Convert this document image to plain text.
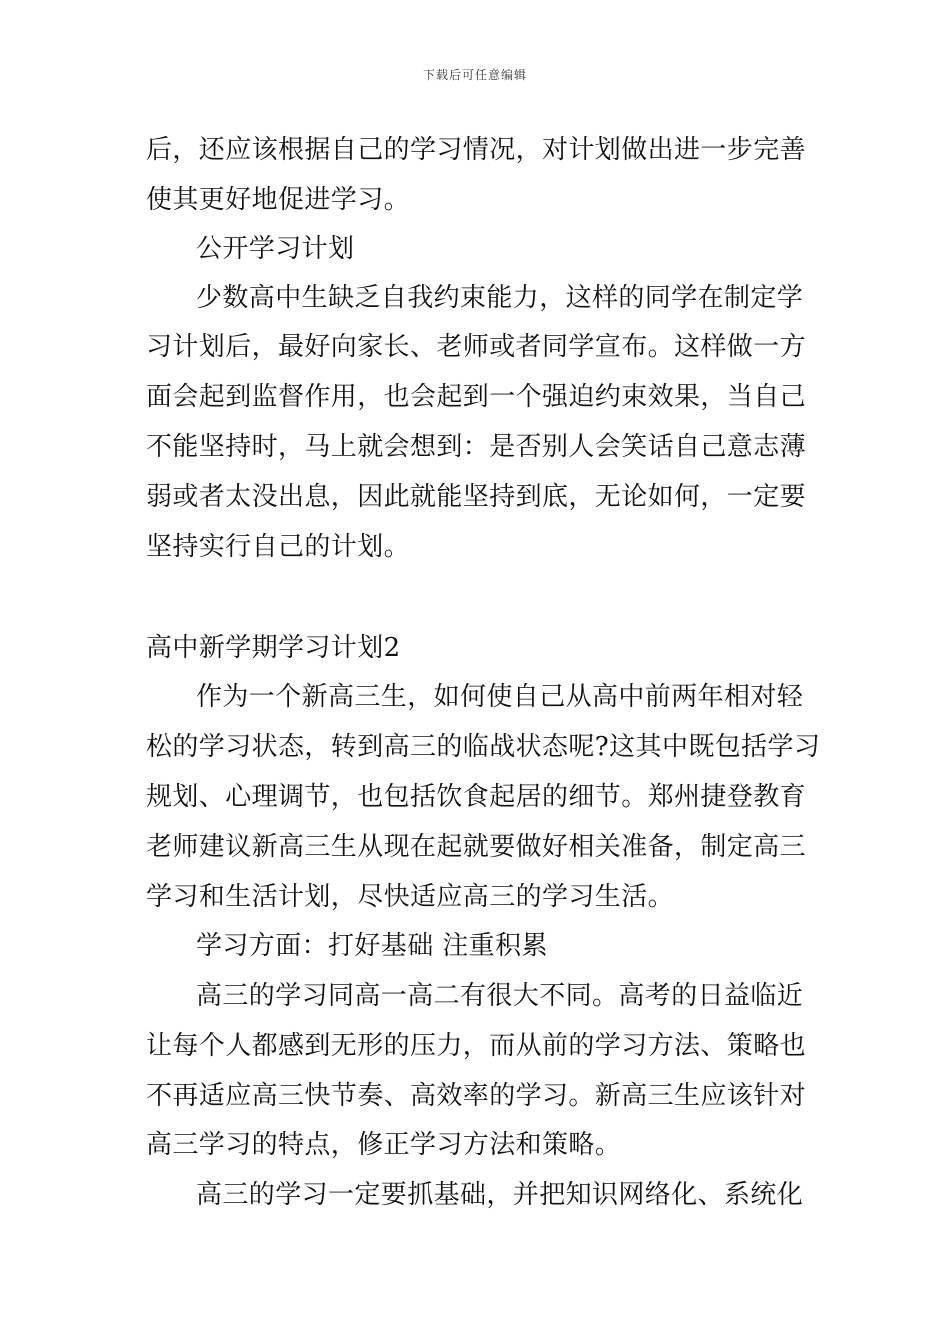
下载后可任意编辑
后，还应该根据自己的学习情况，对计划做出进一步完善
使其更好地促进学习。
公开学习计划
少数高中生缺乏自我约束能力，这样的同学在制定学
习计划后，最好向家长、老师或者同学宣布。这样做一方
面会起到监督作用，也会起到一个强迫约束效果，当自己
不能坚持时，马上就会想到：是否别人会笑话自己意志薄
弱或者太没出息，因此就能坚持到底，无论如何，一定要
坚持实行自己的计划。
高中新学期学习计划2
作为一个新高三生，如何使自己从高中前两年相对轻
松的学习状态，转到高三的临战状态呢?这其中既包括学习
规划、心理调节，也包括饮食起居的细节。郑州捷登教育
老师建议新高三生从现在起就要做好相关准备，制定高三
学习和生活计划，尽快适应高三的学习生活。
学习方面：打好基础 注重积累
高三的学习同高一高二有很大不同。高考的日益临近
让每个人都感到无形的压力，而从前的学习方法、策略也
不再适应高三快节奏、高效率的学习。新高三生应该针对
高三学习的特点，修正学习方法和策略。
高三的学习一定要抓基础，并把知识网络化、系统化
